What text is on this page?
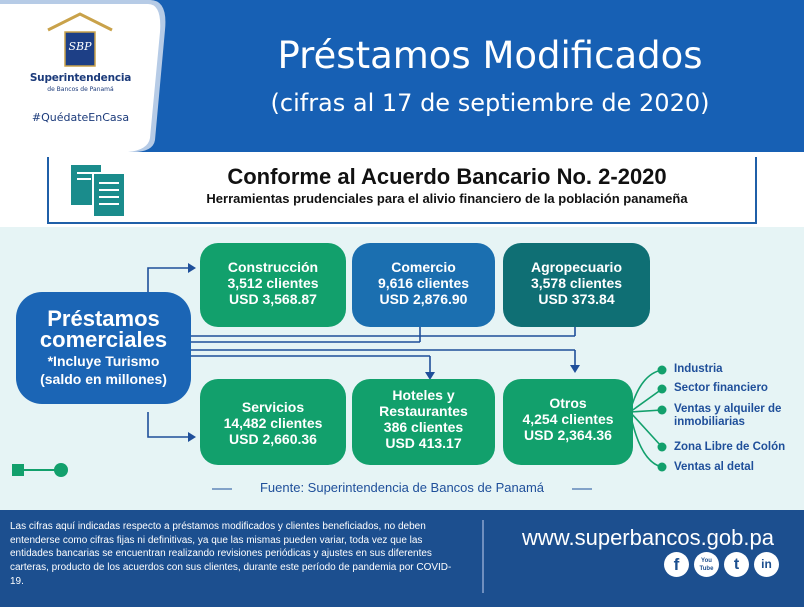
SBP
Superintendencia
de Bancos de Panamá
#QuédateEnCasa
Préstamos Modificados
(cifras al 17 de septiembre de 2020)
Conforme al Acuerdo Bancario No. 2-2020
Herramientas prudenciales para el alivio financiero de la población panameña
Préstamos
comerciales
*Incluye Turismo
(saldo en millones)
Construcción
3,512 clientes
USD 3,568.87
Comercio
9,616 clientes
USD 2,876.90
Agropecuario
3,578 clientes
USD 373.84
Servicios
14,482 clientes
USD 2,660.36
Hoteles y
Restaurantes
386 clientes
USD 413.17
Otros
4,254 clientes
USD 2,364.36
Industria
Sector financiero
Ventas y alquiler de
inmobiliarias
Zona Libre de Colón
Ventas al detal
Fuente: Superintendencia de Bancos de Panamá
Las cifras aquí indicadas respecto a préstamos modificados y clientes beneficiados, no deben entenderse como cifras fijas ni definitivas, ya que las mismas pueden variar, toda vez que las entidades bancarias se encuentran realizando revisiones periódicas y ajustes en sus diferentes carteras, producto de los acuerdos con sus clientes, durante este período de pandemia por COVID-19.
www.superbancos.gob.pa
f	You Tube	t	in
